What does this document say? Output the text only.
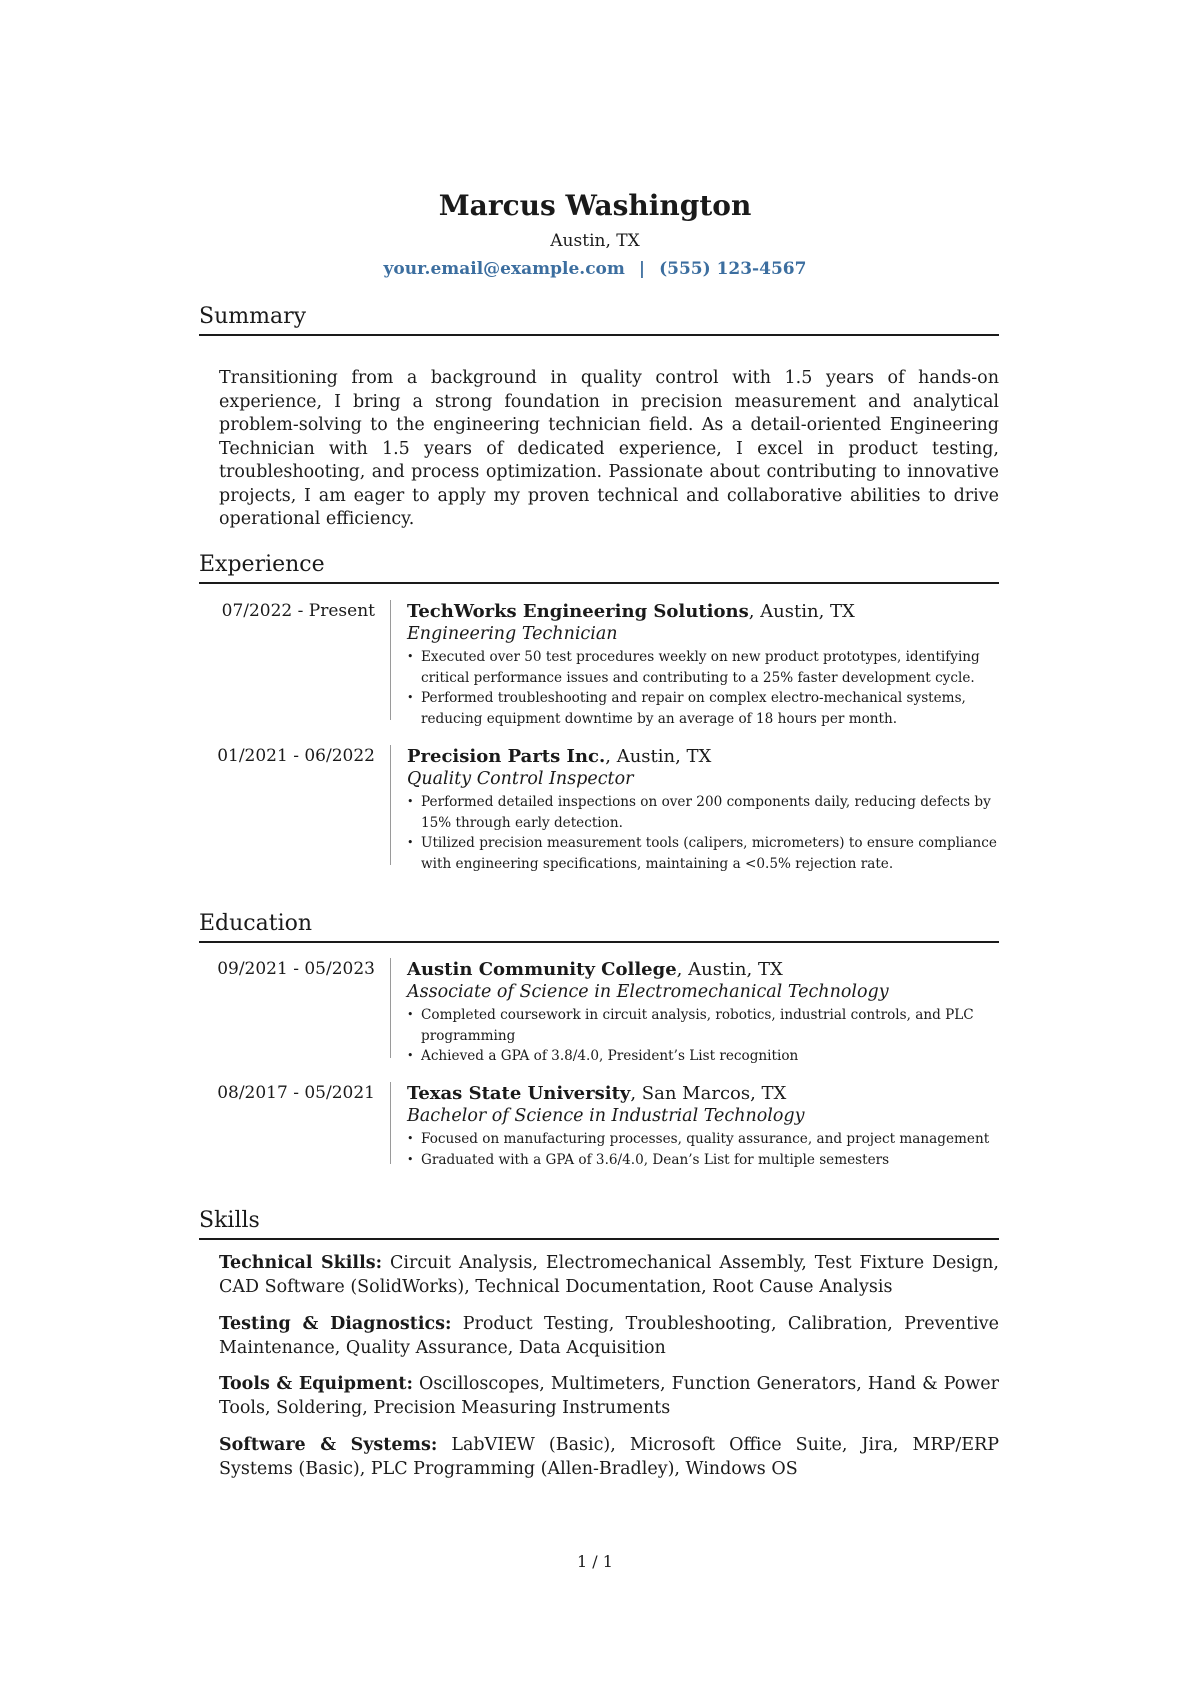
Marcus Washington
Austin, TX
your.email@example.com | (555) 123-4567
Summary
Transitioning from a background in quality control with 1.5 years of hands-on experience, I bring a strong foundation in precision measurement and analytical problem-solving to the engineering technician field. As a detail-oriented Engineering Technician with 1.5 years of dedicated experience, I excel in product testing, troubleshooting, and process optimization. Passionate about contributing to innovative projects, I am eager to apply my proven technical and collaborative abilities to drive operational efficiency.
Experience
07/2022 - Present TechWorks Engineering Solutions, Austin, TX
Engineering Technician
• Executed over 50 test procedures weekly on new product prototypes, identifying critical performance issues and contributing to a 25% faster development cycle.
• Performed troubleshooting and repair on complex electro-mechanical systems, reducing equipment downtime by an average of 18 hours per month.
01/2021 - 06/2022 Precision Parts Inc., Austin, TX
Quality Control Inspector
• Performed detailed inspections on over 200 components daily, reducing defects by 15% through early detection.
• Utilized precision measurement tools (calipers, micrometers) to ensure compliance with engineering specifications, maintaining a <0.5% rejection rate.
Education
09/2021 - 05/2023 Austin Community College, Austin, TX
Associate of Science in Electromechanical Technology
• Completed coursework in circuit analysis, robotics, industrial controls, and PLC programming
• Achieved a GPA of 3.8/4.0, President’s List recognition
08/2017 - 05/2021 Texas State University, San Marcos, TX
Bachelor of Science in Industrial Technology
• Focused on manufacturing processes, quality assurance, and project management
• Graduated with a GPA of 3.6/4.0, Dean’s List for multiple semesters
Skills
Technical Skills: Circuit Analysis, Electromechanical Assembly, Test Fixture Design, CAD Software (SolidWorks), Technical Documentation, Root Cause Analysis
Testing & Diagnostics: Product Testing, Troubleshooting, Calibration, Preventive Maintenance, Quality Assurance, Data Acquisition
Tools & Equipment: Oscilloscopes, Multimeters, Function Generators, Hand & Power Tools, Soldering, Precision Measuring Instruments
Software & Systems: LabVIEW (Basic), Microsoft Office Suite, Jira, MRP/ERP Systems (Basic), PLC Programming (Allen-Bradley), Windows OS
1 / 1
